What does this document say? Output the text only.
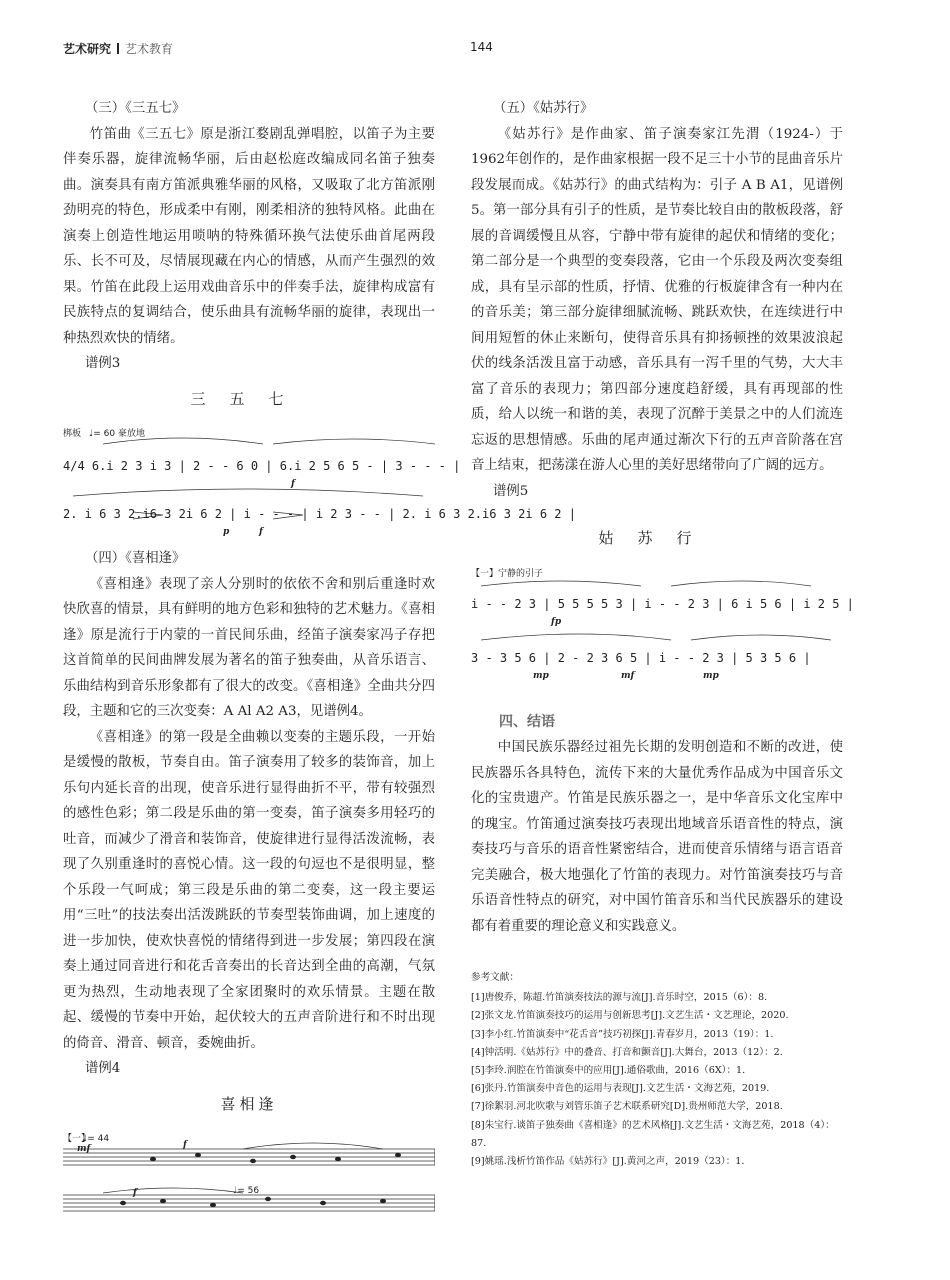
艺术研究 艺术教育	144

（三）《三五七》

竹笛曲《三五七》原是浙江婺剧乱弹唱腔，以笛子为主要伴奏乐器，旋律流畅华丽，后由赵松庭改编成同名笛子独奏曲。演奏具有南方笛派典雅华丽的风格，又吸取了北方笛派刚劲明亮的特色，形成柔中有刚，刚柔相济的独特风格。此曲在演奏上创造性地运用唢呐的特殊循环换气法使乐曲首尾两段乐、长不可及，尽情展现藏在内心的情感，从而产生强烈的效果。竹笛在此段上运用戏曲音乐中的伴奏手法，旋律构成富有民族特点的复调结合，使乐曲具有流畅华丽的旋律，表现出一种热烈欢快的情绪。

谱例3

三五七
梆板 ♩= 60 豪放地
4/4 6.i 2 3 i 3 | 2 - - 6 0 | 6.i 2 5 6 5 - | 3 - - - |
f
2. i 6 3 2.i6 3 2i 6 2 | i - - - | i 2 3 - - | 2. i 6 3 2.i6 3 2i 6 2 |
p	f

（四）《喜相逢》

《喜相逢》表现了亲人分别时的依依不舍和别后重逢时欢快欣喜的情景，具有鲜明的地方色彩和独特的艺术魅力。《喜相逢》原是流行于内蒙的一首民间乐曲，经笛子演奏家冯子存把这首简单的民间曲牌发展为著名的笛子独奏曲，从音乐语言、乐曲结构到音乐形象都有了很大的改变。《喜相逢》全曲共分四段，主题和它的三次变奏：A Al A2 A3，见谱例4。

《喜相逢》的第一段是全曲赖以变奏的主题乐段，一开始是缓慢的散板，节奏自由。笛子演奏用了较多的装饰音，加上乐句内延长音的出现，使音乐进行显得曲折不平，带有较强烈的感性色彩；第二段是乐曲的第一变奏，笛子演奏多用轻巧的吐音，而减少了滑音和装饰音，使旋律进行显得活泼流畅，表现了久别重逢时的喜悦心情。这一段的句逗也不是很明显，整个乐段一气呵成；第三段是乐曲的第二变奏，这一段主要运用“三吐”的技法奏出活泼跳跃的节奏型装饰曲调，加上速度的进一步加快，使欢快喜悦的情绪得到进一步发展；第四段在演奏上通过同音进行和花舌音奏出的长音达到全曲的高潮，气氛更为热烈，生动地表现了全家团聚时的欢乐情景。主题在散起、缓慢的节奏中开始，起伏较大的五声音阶进行和不时出现的倚音、滑音、顿音，委婉曲折。

谱例4

喜相逢
【一】
♩= 44
mf	f
f	♩= 56

（五）《姑苏行》

《姑苏行》是作曲家、笛子演奏家江先渭（1924-）于1962年创作的，是作曲家根据一段不足三十小节的昆曲音乐片段发展而成。《姑苏行》的曲式结构为：引子 A B A1，见谱例5。第一部分具有引子的性质，是节奏比较自由的散板段落，舒展的音调缓慢且从容，宁静中带有旋律的起伏和情绪的变化；第二部分是一个典型的变奏段落，它由一个乐段及两次变奏组成，具有呈示部的性质，抒情、优雅的行板旋律含有一种内在的音乐美；第三部分旋律细腻流畅、跳跃欢快，在连续进行中间用短暂的休止来断句，使得音乐具有抑扬顿挫的效果波浪起伏的线条活泼且富于动感，音乐具有一泻千里的气势，大大丰富了音乐的表现力；第四部分速度趋舒缓，具有再现部的性质，给人以统一和谐的美，表现了沉醉于美景之中的人们流连忘返的思想情感。乐曲的尾声通过渐次下行的五声音阶落在宫音上结束，把荡漾在游人心里的美好思绪带向了广阔的远方。

谱例5

姑苏行
【一】宁静的引子
i - - 2 3 | 5 5 5 5 3 | i - - 2 3 | 6 i 5 6 | i 2 5 |
fp
3 - 3 5 6 | 2 - 2 3 6 5 | i - - 2 3 | 5 3 5 6 |
mp	mf	mp

四、结语

中国民族乐器经过祖先长期的发明创造和不断的改进，使民族器乐各具特色，流传下来的大量优秀作品成为中国音乐文化的宝贵遗产。竹笛是民族乐器之一，是中华音乐文化宝库中的瑰宝。竹笛通过演奏技巧表现出地域音乐语音性的特点，演奏技巧与音乐的语音性紧密结合，进而使音乐情绪与语言语音完美融合，极大地强化了竹笛的表现力。对竹笛演奏技巧与音乐语音性特点的研究，对中国竹笛音乐和当代民族器乐的建设都有着重要的理论意义和实践意义。

参考文献：

[1]唐俊乔，陈超.竹笛演奏技法的源与流[J].音乐时空，2015（6）：8.

[2]张文龙.竹笛演奏技巧的运用与创新思考[J].文艺生活・文艺理论，2020.

[3]李小红.竹笛演奏中“花舌音”技巧初探[J].青春岁月，2013（19）：1.

[4]钟活明.《姑苏行》中的叠音、打音和颤音[J].大舞台，2013（12）：2.

[5]李玲.润腔在竹笛演奏中的应用[J].通俗歌曲，2016（6X）：1.

[6]张丹.竹笛演奏中音色的运用与表现[J].文艺生活・文海艺苑，2019.

[7]徐絮羽.河北吹歌与刘管乐笛子艺术联系研究[D].贵州师范大学，2018.

[8]朱宝行.谈笛子独奏曲《喜相逢》的艺术风格[J].文艺生活・文海艺苑，2018（4）：87.

[9]姚瑶.浅析竹笛作品《姑苏行》[J].黄河之声，2019（23）：1.
